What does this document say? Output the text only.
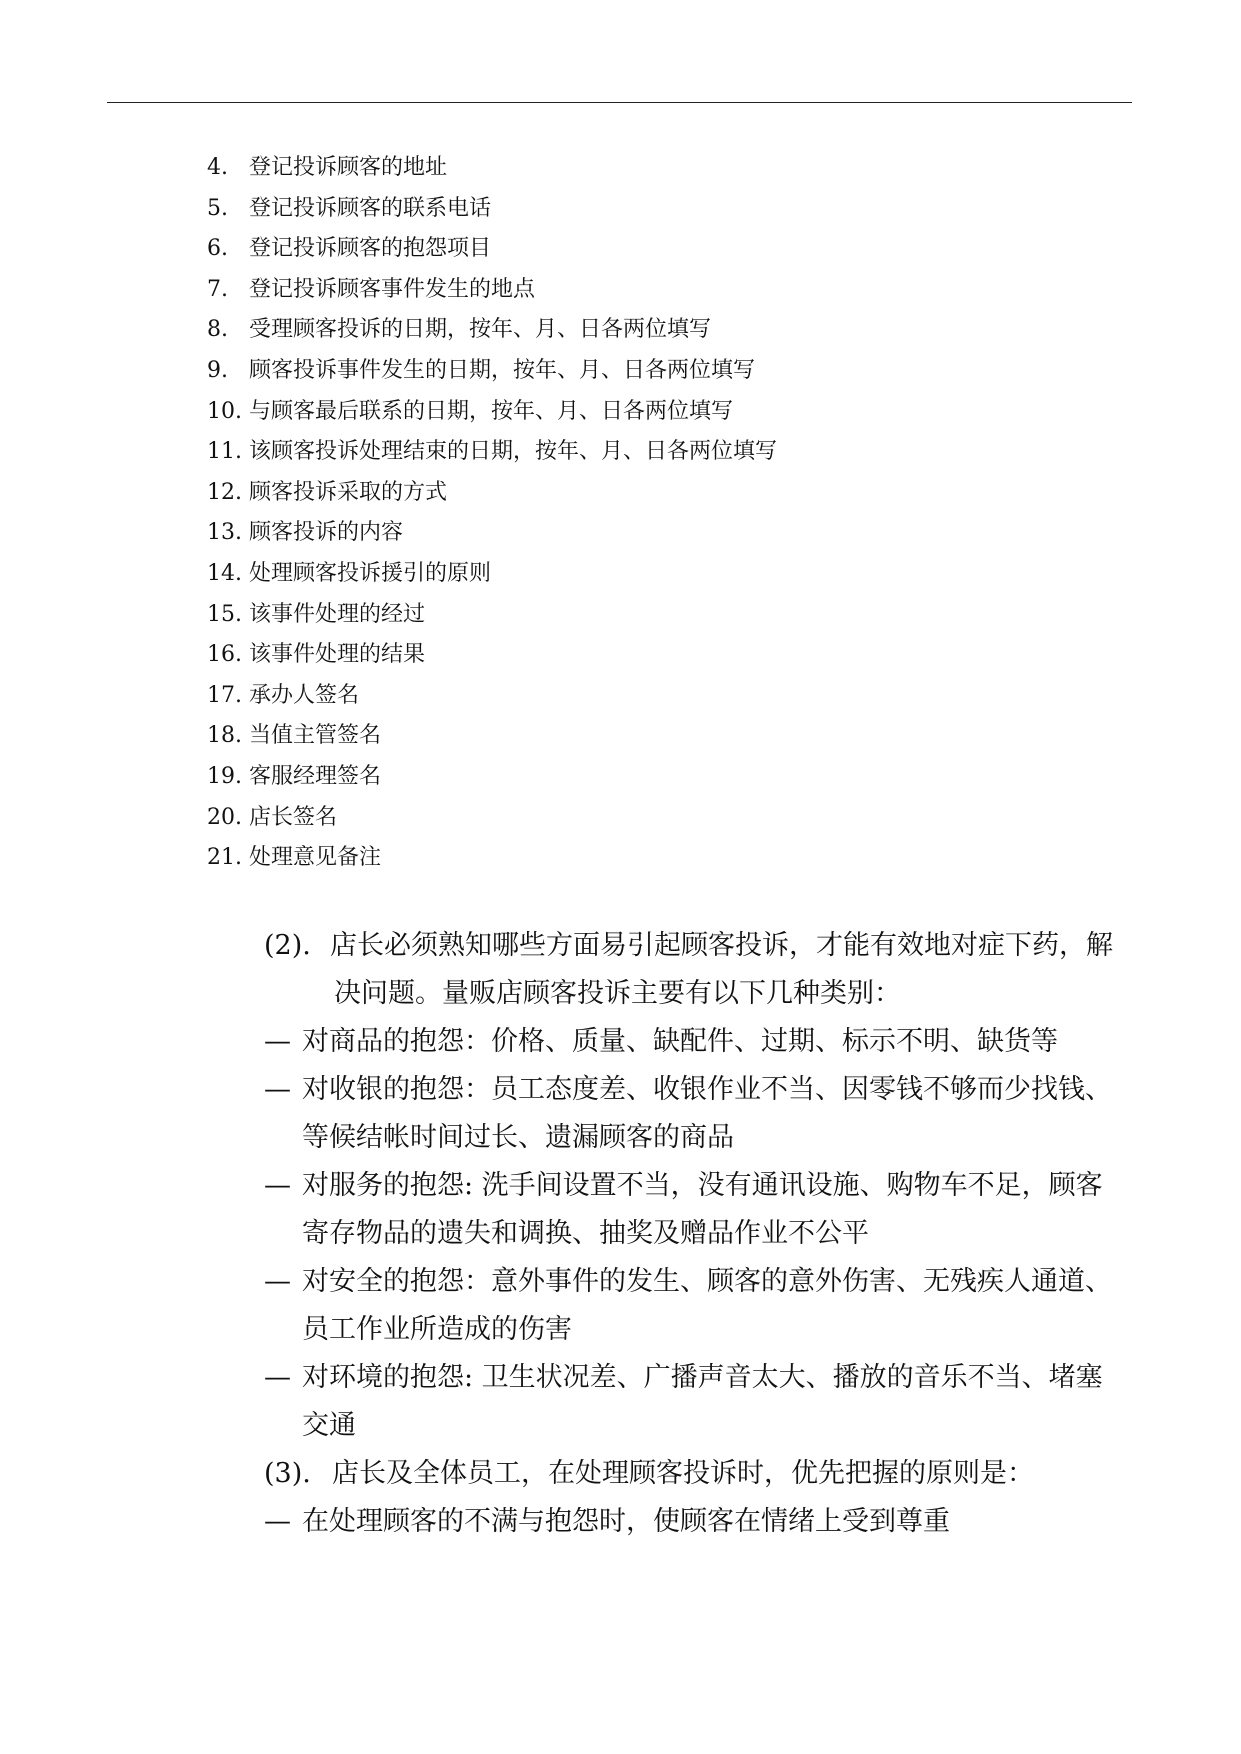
4. 登记投诉顾客的地址
5. 登记投诉顾客的联系电话
6. 登记投诉顾客的抱怨项目
7. 登记投诉顾客事件发生的地点
8. 受理顾客投诉的日期，按年、月、日各两位填写
9. 顾客投诉事件发生的日期，按年、月、日各两位填写
10. 与顾客最后联系的日期，按年、月、日各两位填写
11. 该顾客投诉处理结束的日期，按年、月、日各两位填写
12. 顾客投诉采取的方式
13. 顾客投诉的内容
14. 处理顾客投诉援引的原则
15. 该事件处理的经过
16. 该事件处理的结果
17. 承办人签名
18. 当值主管签名
19. 客服经理签名
20. 店长签名
21. 处理意见备注

(2). 店长必须熟知哪些方面易引起顾客投诉，才能有效地对症下药，解决问题。量贩店顾客投诉主要有以下几种类别：

— 对商品的抱怨：价格、质量、缺配件、过期、标示不明、缺货等

— 对收银的抱怨：员工态度差、收银作业不当、因零钱不够而少找钱、等候结帐时间过长、遗漏顾客的商品

— 对服务的抱怨: 洗手间设置不当，没有通讯设施、购物车不足，顾客寄存物品的遗失和调换、抽奖及赠品作业不公平

— 对安全的抱怨：意外事件的发生、顾客的意外伤害、无残疾人通道、员工作业所造成的伤害

— 对环境的抱怨: 卫生状况差、广播声音太大、播放的音乐不当、堵塞交通

(3). 店长及全体员工，在处理顾客投诉时，优先把握的原则是：

— 在处理顾客的不满与抱怨时，使顾客在情绪上受到尊重
